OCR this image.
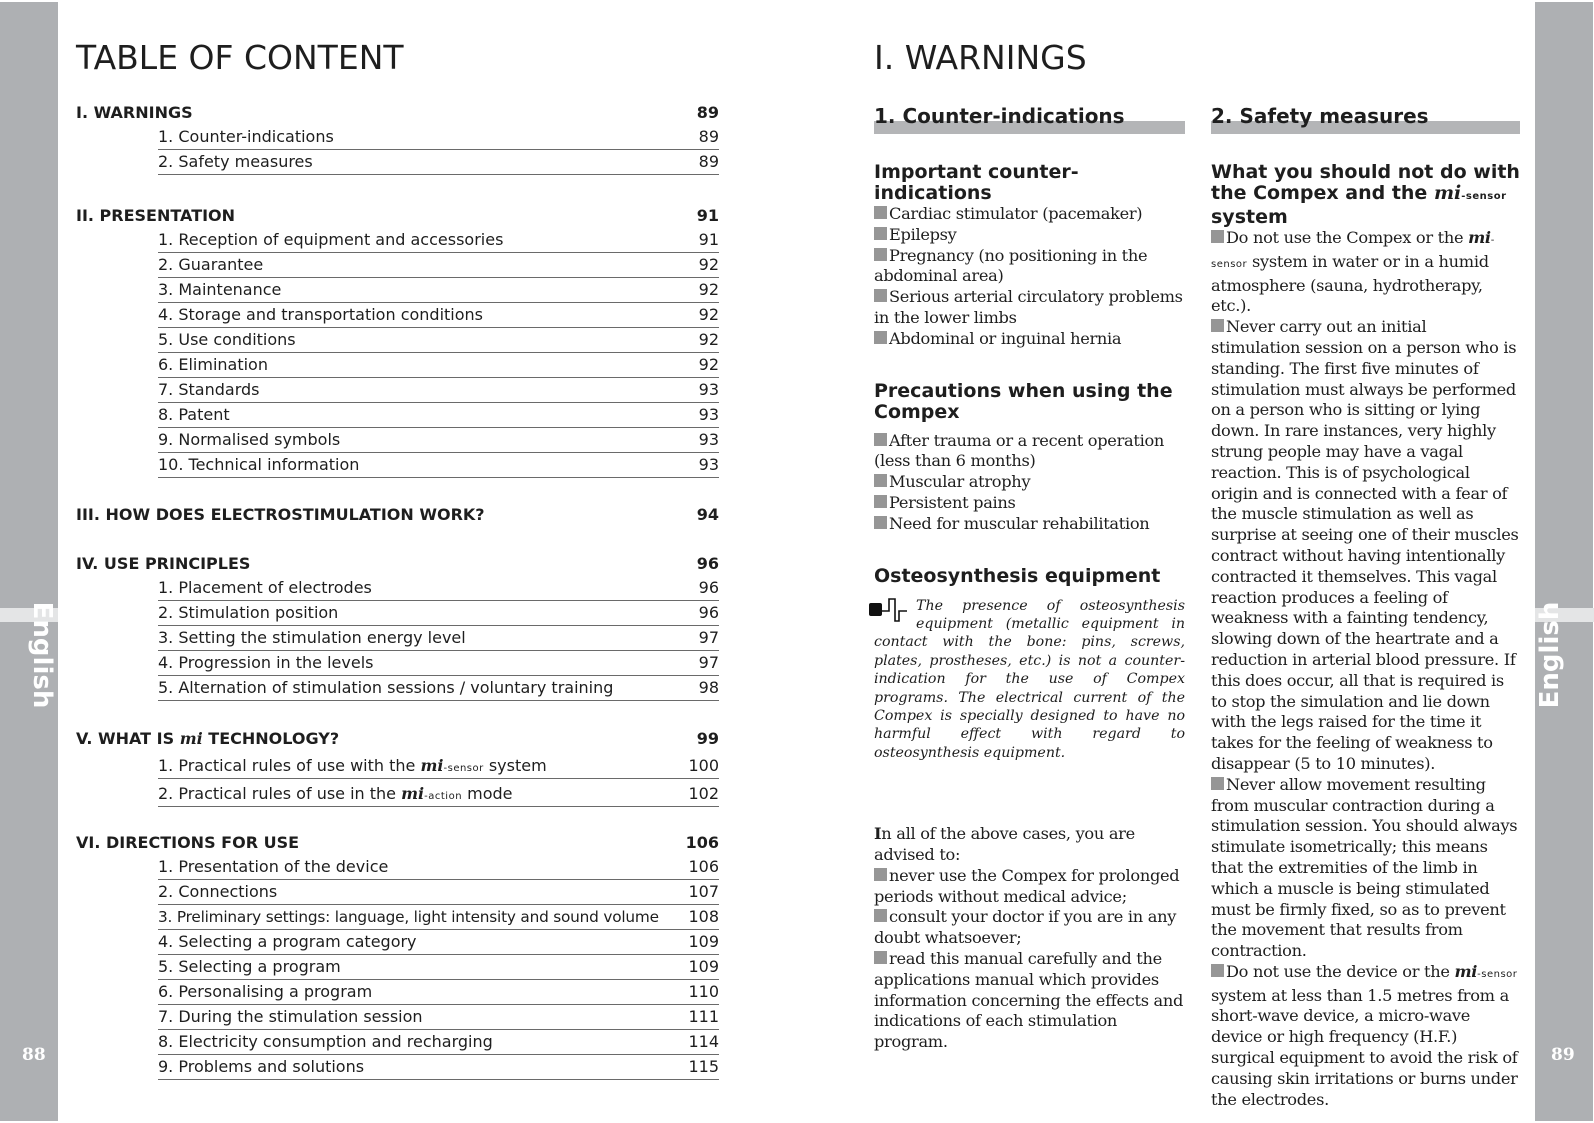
English
88
English
89
TABLE OF CONTENT
I. WARNINGS	89
1. Counter-indications	89
2. Safety measures	89
II. PRESENTATION	91
1. Reception of equipment and accessories	91
2. Guarantee	92
3. Maintenance	92
4. Storage and transportation conditions	92
5. Use conditions	92
6. Elimination	92
7. Standards	93
8. Patent	93
9. Normalised symbols	93
10. Technical information	93
III. HOW DOES ELECTROSTIMULATION WORK?	94
IV. USE PRINCIPLES	96
1. Placement of electrodes	96
2. Stimulation position	96
3. Setting the stimulation energy level	97
4. Progression in the levels	97
5. Alternation of stimulation sessions / voluntary training	98
V. WHAT IS mi TECHNOLOGY?	99
1. Practical rules of use with the mi-sensor system	100
2. Practical rules of use in the mi-action mode	102
VI. DIRECTIONS FOR USE	106
1. Presentation of the device	106
2. Connections	107
3. Preliminary settings: language, light intensity and sound volume 108
4. Selecting a program category	109
5. Selecting a program	109
6. Personalising a program	110
7. During the stimulation session	111
8. Electricity consumption and recharging	114
9. Problems and solutions	115
I. WARNINGS
1. Counter-indications
Important counter-indications

Cardiac stimulator (pacemaker)

Epilepsy

Pregnancy (no positioning in the abdominal area)

Serious arterial circulatory problems in the lower limbs

Abdominal or inguinal hernia

Precautions when using the Compex

After trauma or a recent operation (less than 6 months)

Muscular atrophy

Persistent pains

Need for muscular rehabilitation

Osteosynthesis equipment
The presence of osteosynthesis equipment (metallic equipment in contact with the bone: pins, screws, plates, prostheses, etc.) is not a counter-indication for the use of Compex programs. The electrical current of the Compex is specially designed to have no harmful effect with regard to osteosynthesis equipment.

In all of the above cases, you are advised to:

never use the Compex for prolonged periods without medical advice;

consult your doctor if you are in any doubt whatsoever;

read this manual carefully and the applications manual which provides information concerning the effects and indications of each stimulation program.

2. Safety measures
What you should not do with the Compex and the mi-sensor system

Do not use the Compex or the mi-sensor system in water or in a humid atmosphere (sauna, hydrotherapy, etc.).

Never carry out an initial stimulation session on a person who is standing. The first five minutes of stimulation must always be performed on a person who is sitting or lying down. In rare instances, very highly strung people may have a vagal reaction. This is of psychological origin and is connected with a fear of the muscle stimulation as well as surprise at seeing one of their muscles contract without having intentionally contracted it themselves. This vagal reaction produces a feeling of weakness with a fainting tendency, slowing down of the heartrate and a reduction in arterial blood pressure. If this does occur, all that is required is to stop the simulation and lie down with the legs raised for the time it takes for the feeling of weakness to disappear (5 to 10 minutes).

Never allow movement resulting from muscular contraction during a stimulation session. You should always stimulate isometrically; this means that the extremities of the limb in which a muscle is being stimulated must be firmly fixed, so as to prevent the movement that results from contraction.

Do not use the device or the mi-sensor system at less than 1.5 metres from a short-wave device, a micro-wave device or high frequency (H.F.) surgical equipment to avoid the risk of causing skin irritations or burns under the electrodes.
